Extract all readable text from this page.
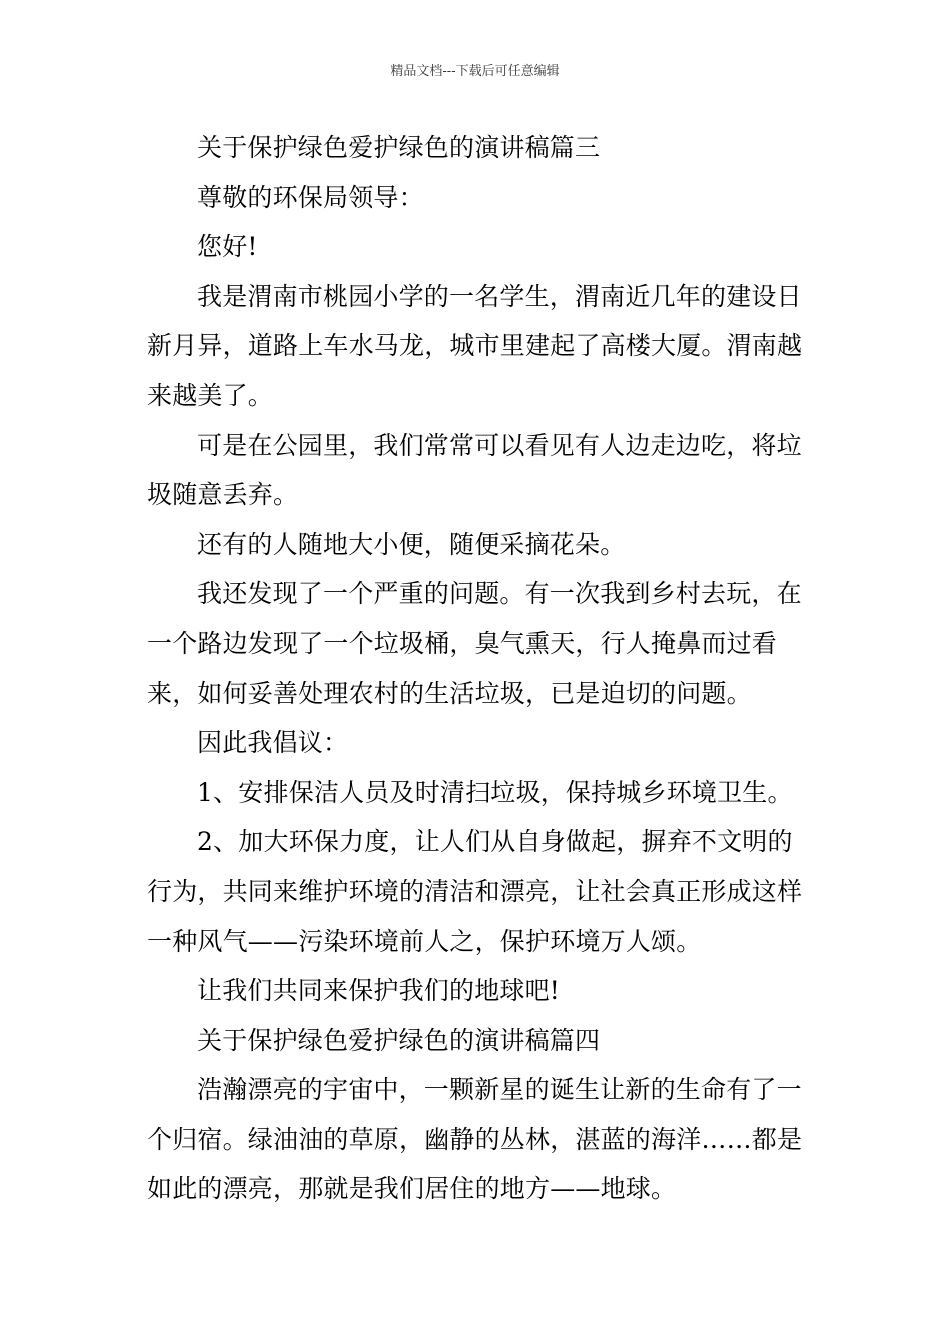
精品文档---下载后可任意编辑

关于保护绿色爱护绿色的演讲稿篇三

尊敬的环保局领导：

您好!

我是渭南市桃园小学的一名学生，渭南近几年的建设日新月异，道路上车水马龙，城市里建起了高楼大厦。渭南越来越美了。

可是在公园里，我们常常可以看见有人边走边吃，将垃圾随意丢弃。

还有的人随地大小便，随便采摘花朵。

我还发现了一个严重的问题。有一次我到乡村去玩，在一个路边发现了一个垃圾桶，臭气熏天，行人掩鼻而过看来，如何妥善处理农村的生活垃圾，已是迫切的问题。

因此我倡议：

1、安排保洁人员及时清扫垃圾，保持城乡环境卫生。

2、加大环保力度，让人们从自身做起，摒弃不文明的行为，共同来维护环境的清洁和漂亮，让社会真正形成这样一种风气——污染环境前人之，保护环境万人颂。

让我们共同来保护我们的地球吧!

关于保护绿色爱护绿色的演讲稿篇四

浩瀚漂亮的宇宙中，一颗新星的诞生让新的生命有了一个归宿。绿油油的草原，幽静的丛林，湛蓝的海洋……都是如此的漂亮，那就是我们居住的地方——地球。
